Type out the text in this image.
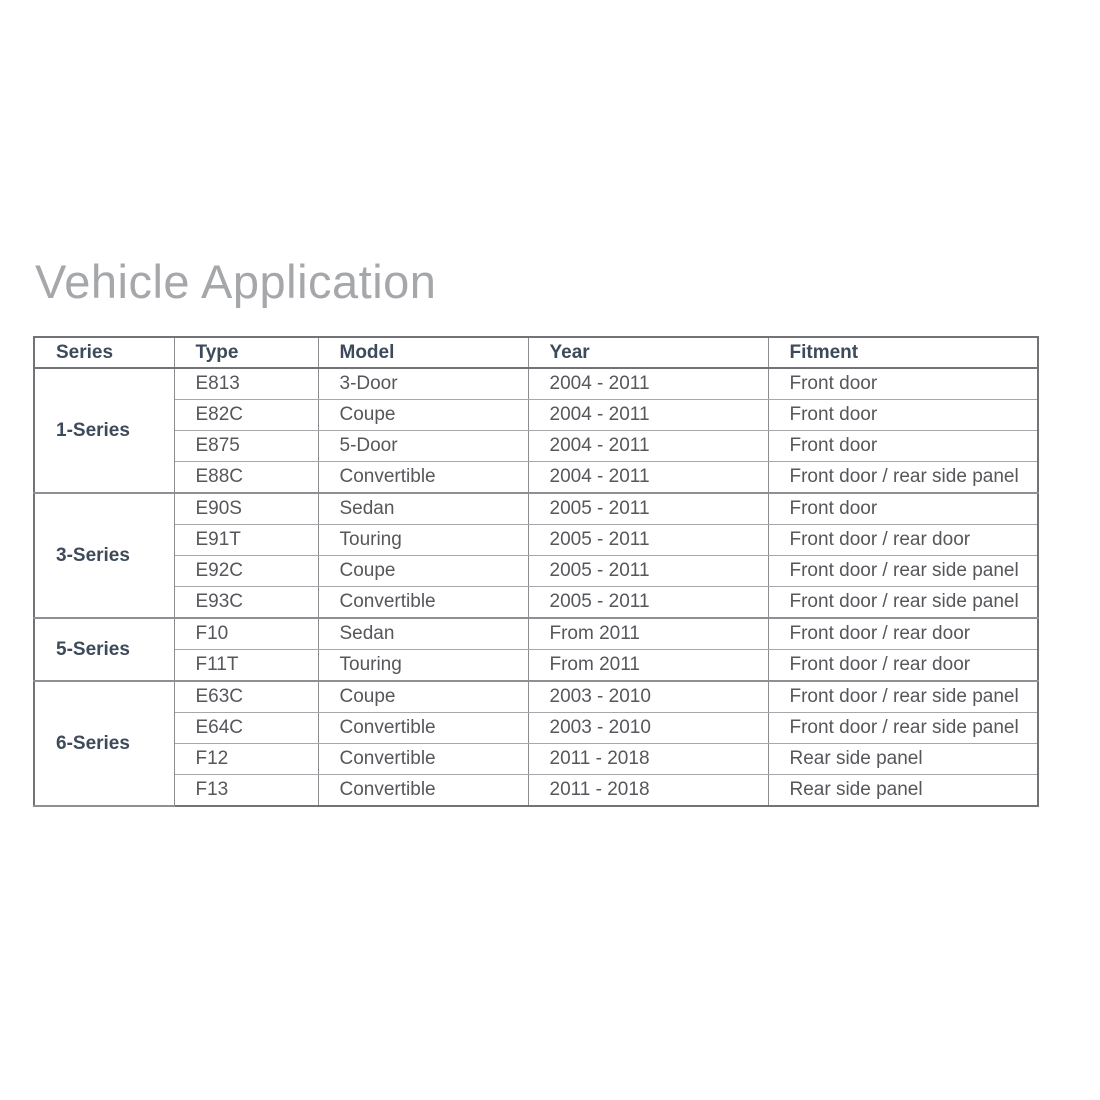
Vehicle Application
Series	Type	Model	Year	Fitment
1-Series	E813	3-Door	2004 - 2011	Front door
	E82C	Coupe	2004 - 2011	Front door
	E875	5-Door	2004 - 2011	Front door
	E88C	Convertible	2004 - 2011	Front door / rear side panel
3-Series	E90S	Sedan	2005 - 2011	Front door
	E91T	Touring	2005 - 2011	Front door / rear door
	E92C	Coupe	2005 - 2011	Front door / rear side panel
	E93C	Convertible	2005 - 2011	Front door / rear side panel
5-Series	F10	Sedan	From 2011	Front door / rear door
	F11T	Touring	From 2011	Front door / rear door
6-Series	E63C	Coupe	2003 - 2010	Front door / rear side panel
	E64C	Convertible	2003 - 2010	Front door / rear side panel
	F12	Convertible	2011 - 2018	Rear side panel
	F13	Convertible	2011 - 2018	Rear side panel
